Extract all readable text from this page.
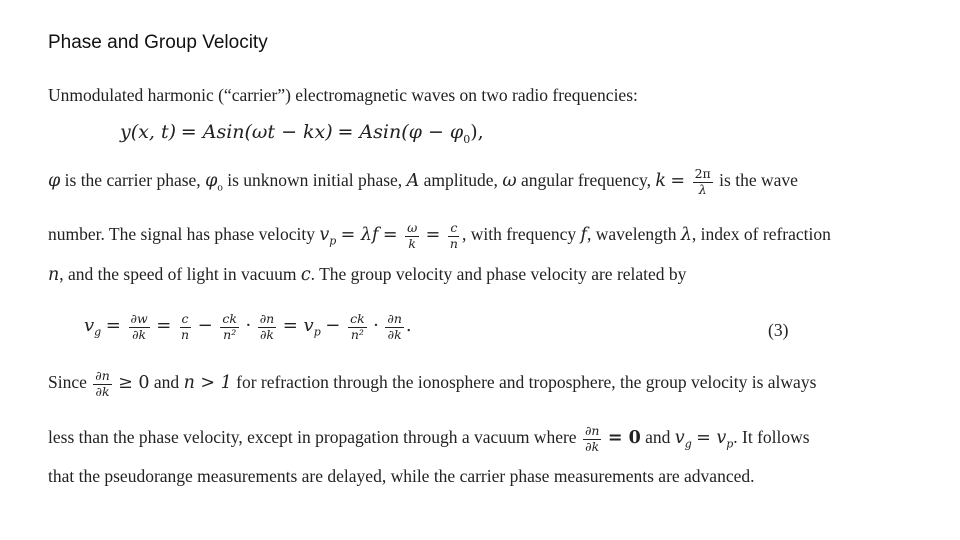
Phase and Group Velocity
Unmodulated harmonic (“carrier”) electromagnetic waves on two radio frequencies:
y(x, $t) = Asin(\omega t - kx) = Asin(\varphi - \varphi_0)$,
φ is the carrier phase, $\varphi_o$ is unknown initial phase, A amplitude, ω angular frequency, $k = \frac{2\pi}{\lambda}$ is the wave
number. The signal has phase velocity $v_p = \lambda f = \frac{\omega}{k} = \frac{c}{n}$ , with frequency f, wavelength λ, index of refraction
n, and the speed of light in vacuum c. The group velocity and phase velocity are related by
$v_g = \frac{\partial w}{\partial k} = \frac{c}{n} - \frac{ck}{\text{n²}} \cdot \frac{\partial n}{\partial k} = v_p - \frac{ck}{\text{n²}} \cdot \frac{\partial n}{\partial k}$ .	(3)
Since $\frac{\partial n}{\partial k} \ge 0$ and n > 1 for refraction through the ionosphere and troposphere, the group velocity is always
less than the phase velocity, except in propagation through a vacuum where $\frac{\partial n}{\partial k} = 0$ and $v_g = v_p$. It follows
that the pseudorange measurements are delayed, while the carrier phase measurements are advanced.
